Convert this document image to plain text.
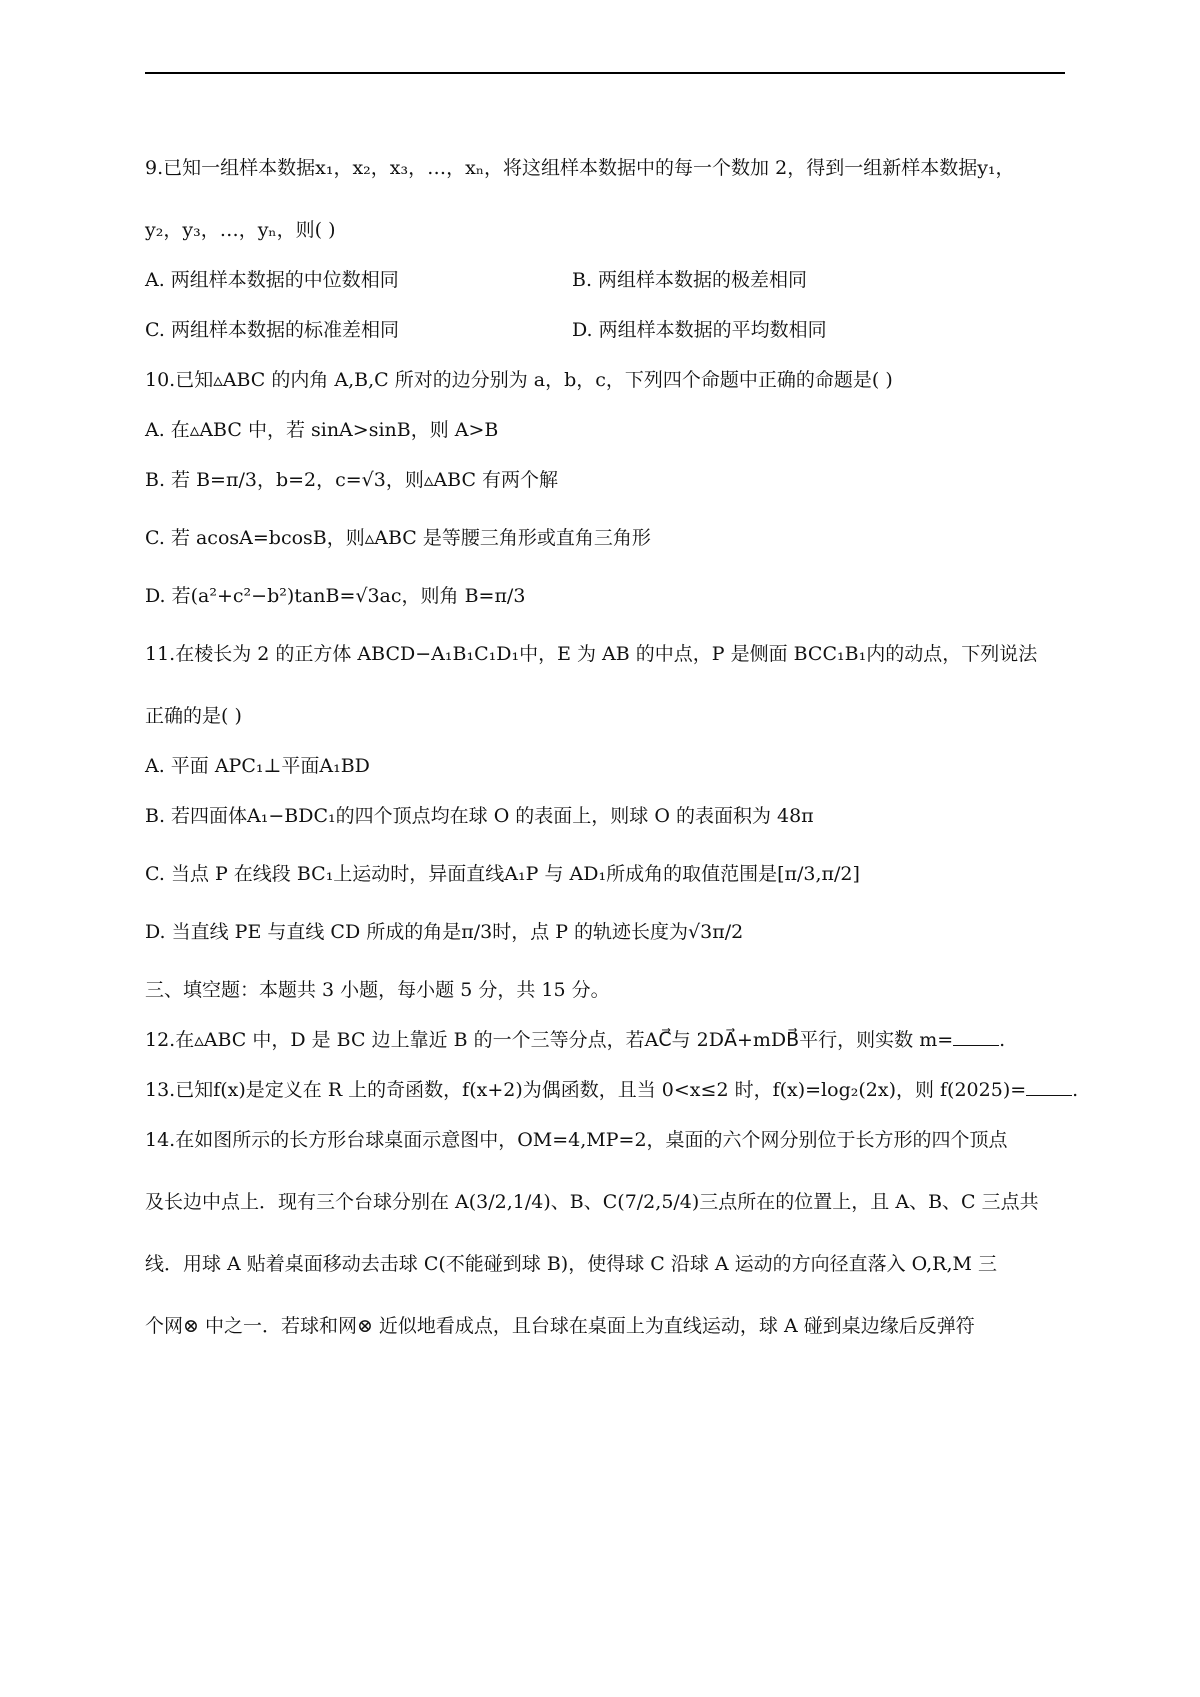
9.已知一组样本数据x₁，x₂，x₃，…，xₙ，将这组样本数据中的每一个数加 2，得到一组新样本数据y₁，
y₂，y₃，…，yₙ，则( )
A. 两组样本数据的中位数相同	B. 两组样本数据的极差相同
C. 两组样本数据的标准差相同	D. 两组样本数据的平均数相同
10.已知▵ABC 的内角 A,B,C 所对的边分别为 a，b，c，下列四个命题中正确的命题是( )
A. 在▵ABC 中，若 sinA>sinB，则 A>B
B. 若 B=π/3，b=2，c=√3，则▵ABC 有两个解
C. 若 acosA=bcosB，则▵ABC 是等腰三角形或直角三角形
D. 若(a²+c²−b²)tanB=√3ac，则角 B=π/3
11.在棱长为 2 的正方体 ABCD−A₁B₁C₁D₁中，E 为 AB 的中点，P 是侧面 BCC₁B₁内的动点，下列说法
正确的是( )
A. 平面 APC₁⊥平面A₁BD
B. 若四面体A₁−BDC₁的四个顶点均在球 O 的表面上，则球 O 的表面积为 48π
C. 当点 P 在线段 BC₁上运动时，异面直线A₁P 与 AD₁所成角的取值范围是[π/3,π/2]
D. 当直线 PE 与直线 CD 所成的角是π/3时，点 P 的轨迹长度为√3π/2
三、填空题：本题共 3 小题，每小题 5 分，共 15 分。
12.在▵ABC 中，D 是 BC 边上靠近 B 的一个三等分点，若AC⃗与 2DA⃗+mDB⃗平行，则实数 m= .
13.已知f(x)是定义在 R 上的奇函数，f(x+2)为偶函数，且当 0<x≤2 时，f(x)=log₂(2x)，则 f(2025)= .
14.在如图所示的长方形台球桌面示意图中，OM=4,MP=2，桌面的六个网分别位于长方形的四个顶点
及长边中点上．现有三个台球分别在 A(3/2,1/4)、B、C(7/2,5/4)三点所在的位置上，且 A、B、C 三点共
线．用球 A 贴着桌面移动去击球 C(不能碰到球 B)，使得球 C 沿球 A 运动的方向径直落入 O,R,M 三
个网⊗ 中之一．若球和网⊗ 近似地看成点，且台球在桌面上为直线运动，球 A 碰到桌边缘后反弹符
